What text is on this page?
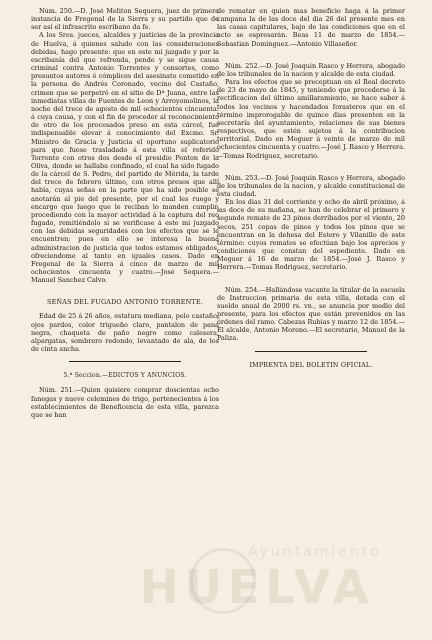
Núm. 250.—D. José Meliton Sequera, juez de primera instancia de Fregenal de la Sierra y su partido que de ser así el infrascrito escribano da fe.

A los Sres. jueces, alcaldes y justicias de la provincia de Huelva, á quienes saludo con las consideraciones debidas, hago presente: que en este mi juzgado y por la escribanía del que refrenda, pende y se sigue causa criminal contra Antonio Torrentes y consortes, como presuntos autores ó cómplices del asesinato cometido en la persona de Andrés Coronado, vecino del Castaño, crimen que se perpetró en el sitio de Dª Juana, entre las inmediatas villas de Fuentes de Leon y Arroyomolinos, la noche del trece de agosto de mil ochocientos cincuenta: á cuya causa, y con el fin de proceder al reconocimiento de otro de los procesados preso en esta cárcel, fue indispensable elevar á conocimiento del Excmo. Sr. Ministro de Gracia y Justicia el oportuno suplicatorio para que fuese trasladado á esta villa el referido Torrente con otros dos desde el presidio Ponton de la Oliva, donde se hallaba confinado, el cual ha sido fugado de la cárcel de S. Pedro, del partido de Mérida, la tarde del trece de febrero último, con otros presos que allí había, cuyas señas en la parte que ha sido posible se anotarán al pie del presente, por el cual les ruego y encargo que luego que le reciban lo manden cumplir, procediendo con la mayor actividad á la captura del reo fugado, remitiéndolo si se verificase á este mi juzgado con las debidas seguridades con los efectos que se le encuentren; pues en ello se interesa la buena administracion de justicia que todos estamos obligados, ofreciendome al tanto en iguales casos. Dado en Fregenal de la Sierra á cinco de marzo de mil ochocientos cincuenta y cuatro.—José Sequera.— Manuel Sanchez Calvo.

SEÑAS DEL FUGADO ANTONIO TORRENTE.

Edad de 25 á 26 años, estatura mediana, pelo castaño, ojos pardos, color trigueño claro, pantalon de pana negra, chaqueta de paño negro como calesera, alpargatas, sombrero redondo, levantado de ala, de los de cinta ancha.

5.ª Seccion.—EDICTOS Y ANUNCIOS.

Núm. 251.—Quien quisiere comprar doscientas ocho fanegas y nueve celemines de trigo, pertenecientes á los establecimientos de Beneficencia de esta villa, parezca que se han

de rematar en quien mas beneficio haga á la primer campana la de las doce del dia 26 del presente mes en las casas capitulares, bajo de las condiciones que en el acto se espresarán. Beas 11 de marzo de 1854.—Sebastian Dominguez.—Antonio Villaseñor.

Núm. 252.—D. José Joaquin Rasco y Herrera, abogado de los tribunales de la nacion y alcalde de esta ciudad.

Para los efectos que se preceptuan en el Real decreto de 23 de mayo de 1845, y teniendo que procederse á la rectificacion del último amillaramiento, se hace saber á todos los vecinos y hacendados forasteros que en el término improrogable de quince dias presenten en la secretaría del ayuntamiento, relaciones de sus bienes respectivos, que estén sujetos á la contribucion territorial. Dado en Moguer á veinte de marzo de mil ochocientos cincuenta y cuatro.—José J. Rasco y Herrera.—Tomas Rodriguez, secretario.

Núm. 253.—D. José Joaquin Rasco y Herrera, abogado de los tribunales de la nacion, y alcalde constitucional de esta ciudad.

En los dias 31 del corriente y ocho de abril próximo, á las doce de su mañana, se han de celebrar el primero y segundo remate de 23 pinos derribados por el viento, 20 secos, 251 copas de pinos y todos los pinos que se encuentran en la dehesa del Estero y Vilanillo de este término: cuyos remates se efectúan bajo los aprecios y condiciones que constan del espediente. Dado en Moguer á 16 de marzo de 1854.—José J. Rasco y Herrera.—Tomas Rodriguez, secretario.

Núm. 254.—Hallándose vacante la titular de la escuela de Instruccion primaria de esta villa, dotada con el sueldo anual de 2000 rs. vn., se anuncia por medio del presente, para los efectos que están prevenidos en las órdenes del ramo. Cabezas Rubias y marzo 12 de 1854.—El alcalde, Antonio Moreno.—El secretario, Manuel de la Paliza.

IMPRENTA DEL BOLETIN OFICIAL.

Ayuntamiento
HUELVA
